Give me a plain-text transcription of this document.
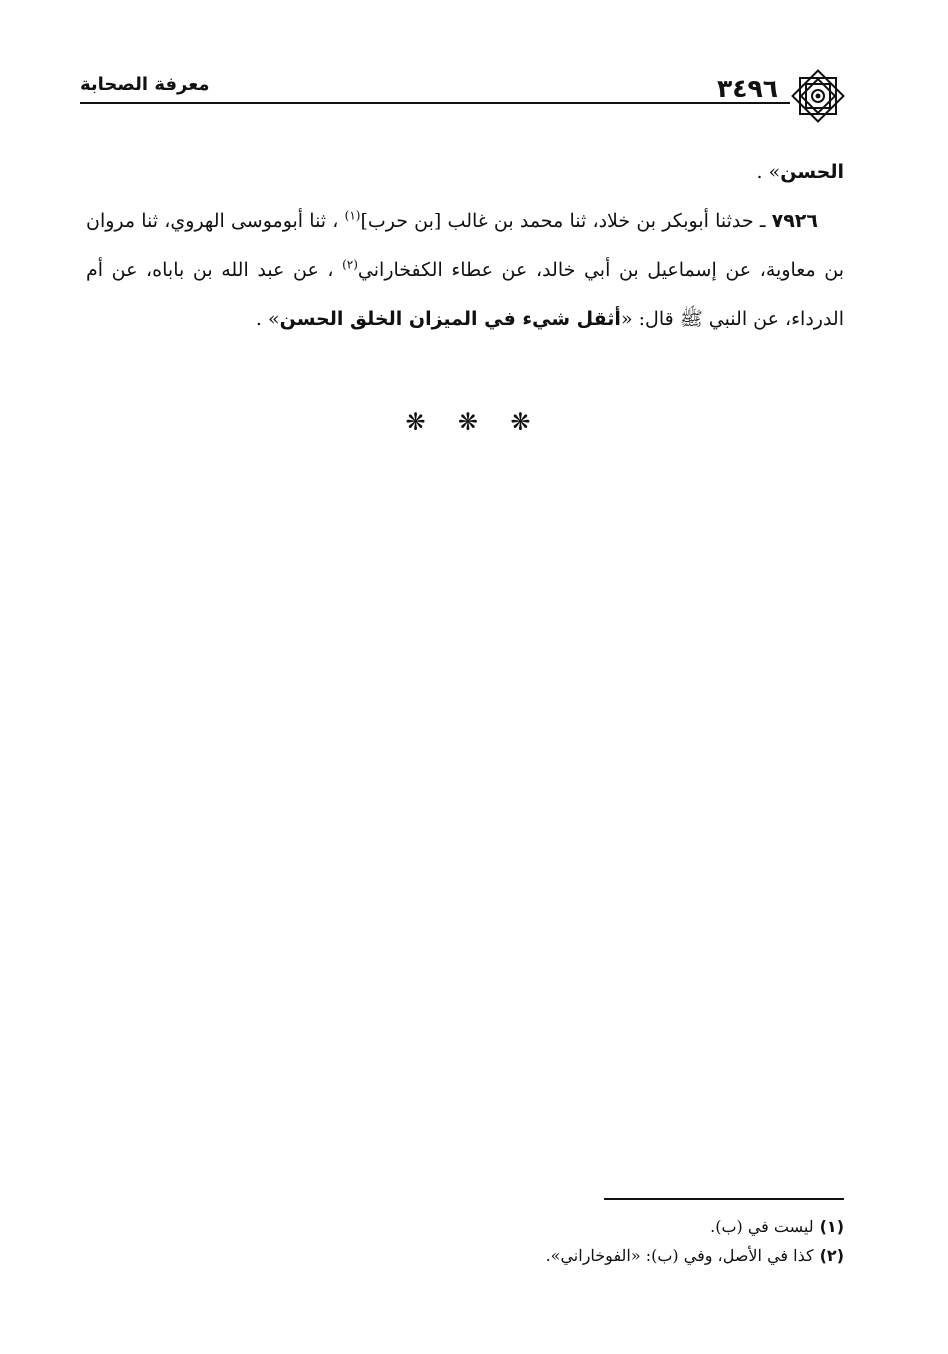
٣٤٩٦
معرفة الصحابة

الحسن» .

٧٩٢٦ ـ حدثنا أبوبكر بن خلاد، ثنا محمد بن غالب [بن حرب]$^{(١)}$ ، ثنا أبوموسى الهروي، ثنا مروان بن معاوية، عن إسماعيل بن أبي خالد، عن عطاء الكفخاراني$^{(٢)}$ ، عن عبد الله بن باباه، عن أم الدرداء، عن النبي ﷺ قال: «أثقل شيء في الميزان الخلق الحسن» .

❋ ❋ ❋

(١)ليست في (ب).

(٢)كذا في الأصل، وفي (ب): «الفوخاراني».
